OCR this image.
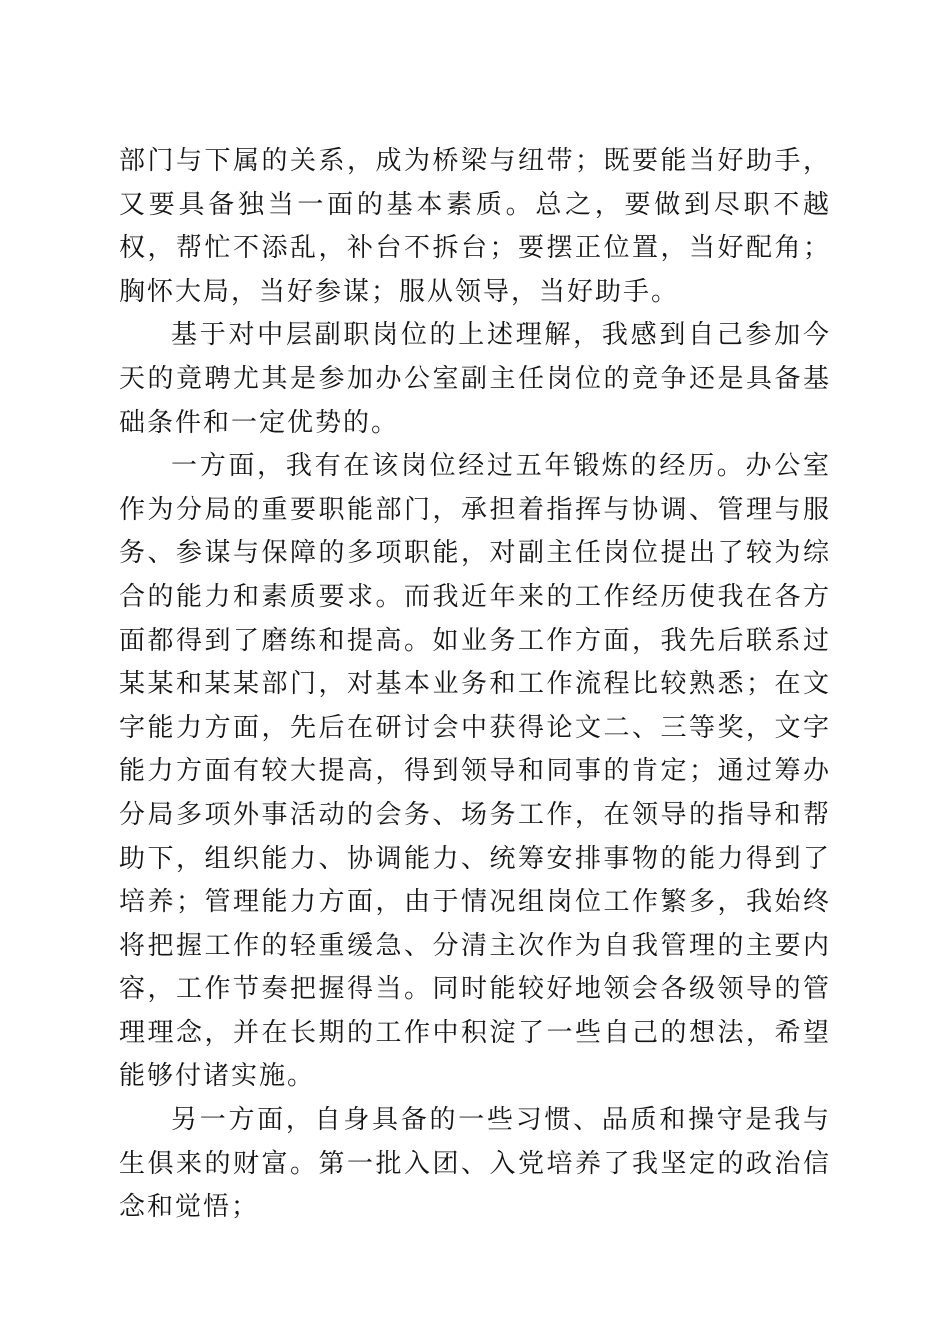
部门与下属的关系，成为桥梁与纽带；既要能当好助手，又要具备独当一面的基本素质。总之，要做到尽职不越权，帮忙不添乱，补台不拆台；要摆正位置，当好配角；胸怀大局，当好参谋；服从领导，当好助手。

基于对中层副职岗位的上述理解，我感到自己参加今天的竟聘尤其是参加办公室副主任岗位的竞争还是具备基础条件和一定优势的。

一方面，我有在该岗位经过五年锻炼的经历。办公室作为分局的重要职能部门，承担着指挥与协调、管理与服务、参谋与保障的多项职能，对副主任岗位提出了较为综合的能力和素质要求。而我近年来的工作经历使我在各方面都得到了磨练和提高。如业务工作方面，我先后联系过某某和某某部门，对基本业务和工作流程比较熟悉；在文字能力方面，先后在研讨会中获得论文二、三等奖，文字能力方面有较大提高，得到领导和同事的肯定；通过筹办分局多项外事活动的会务、场务工作，在领导的指导和帮助下，组织能力、协调能力、统筹安排事物的能力得到了培养；管理能力方面，由于情况组岗位工作繁多，我始终将把握工作的轻重缓急、分清主次作为自我管理的主要内容，工作节奏把握得当。同时能较好地领会各级领导的管理理念，并在长期的工作中积淀了一些自己的想法，希望能够付诸实施。

另一方面，自身具备的一些习惯、品质和操守是我与生俱来的财富。第一批入团、入党培养了我坚定的政治信念和觉悟；
